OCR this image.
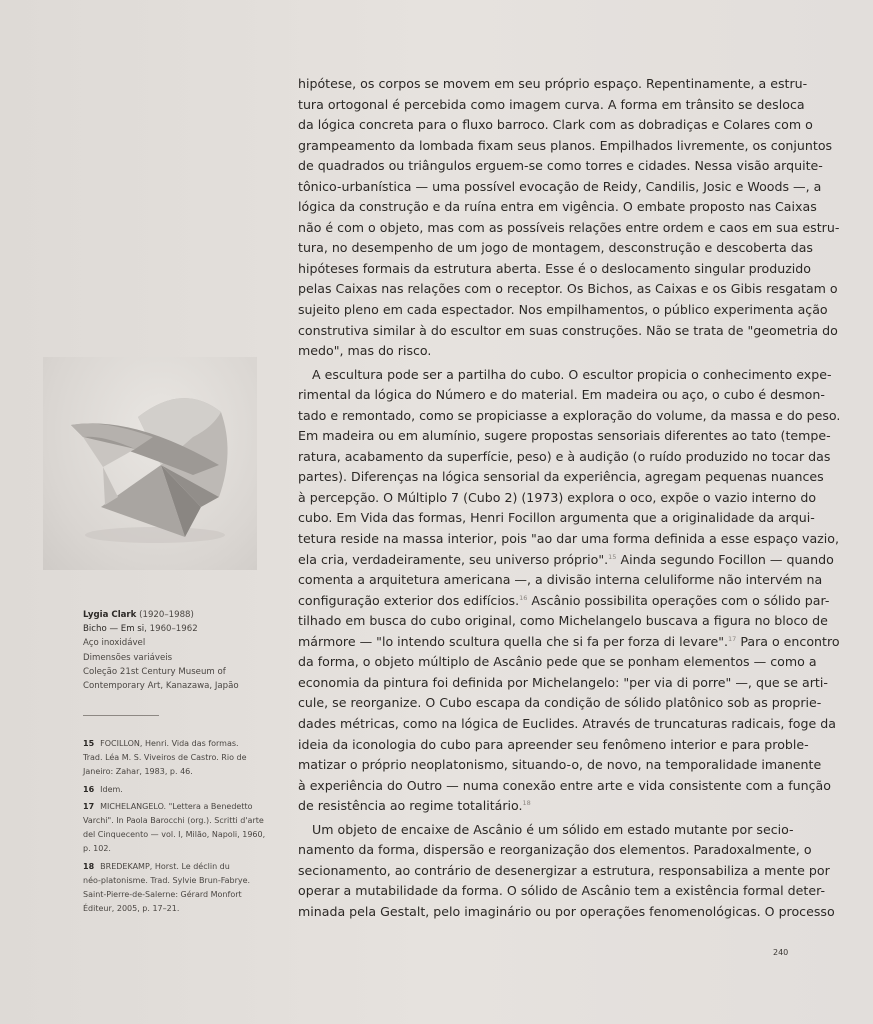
Lygia Clark (1920–1988)
Bicho — Em si, 1960–1962
Aço inoxidável
Dimensões variáveis
Coleção 21st Century Museum of
Contemporary Art, Kanazawa, Japão
15 FOCILLON, Henri. Vida das formas.
Trad. Léa M. S. Viveiros de Castro. Rio de
Janeiro: Zahar, 1983, p. 46.
16 Idem.
17 MICHELANGELO. "Lettera a Benedetto
Varchi". In Paola Barocchi (org.). Scritti d'arte
del Cinquecento — vol. I, Milão, Napoli, 1960,
p. 102.
18 BREDEKAMP, Horst. Le déclin du
néo-platonisme. Trad. Sylvie Brun-Fabrye.
Saint-Pierre-de-Salerne: Gérard Monfort
Éditeur, 2005, p. 17–21.

hipótese, os corpos se movem em seu próprio espaço. Repentinamente, a estru-
tura ortogonal é percebida como imagem curva. A forma em trânsito se desloca
da lógica concreta para o fluxo barroco. Clark com as dobradiças e Colares com o
grampeamento da lombada fixam seus planos. Empilhados livremente, os conjuntos
de quadrados ou triângulos erguem-se como torres e cidades. Nessa visão arquite-
tônico-urbanística — uma possível evocação de Reidy, Candilis, Josic e Woods —, a
lógica da construção e da ruína entra em vigência. O embate proposto nas Caixas
não é com o objeto, mas com as possíveis relações entre ordem e caos em sua estru-
tura, no desempenho de um jogo de montagem, desconstrução e descoberta das
hipóteses formais da estrutura aberta. Esse é o deslocamento singular produzido
pelas Caixas nas relações com o receptor. Os Bichos, as Caixas e os Gibis resgatam o
sujeito pleno em cada espectador. Nos empilhamentos, o público experimenta ação
construtiva similar à do escultor em suas construções. Não se trata de "geometria do
medo", mas do risco.

A escultura pode ser a partilha do cubo. O escultor propicia o conhecimento expe-
rimental da lógica do Número e do material. Em madeira ou aço, o cubo é desmon-
tado e remontado, como se propiciasse a exploração do volume, da massa e do peso.
Em madeira ou em alumínio, sugere propostas sensoriais diferentes ao tato (tempe-
ratura, acabamento da superfície, peso) e à audição (o ruído produzido no tocar das
partes). Diferenças na lógica sensorial da experiência, agregam pequenas nuances
à percepção. O Múltiplo 7 (Cubo 2) (1973) explora o oco, expõe o vazio interno do
cubo. Em Vida das formas, Henri Focillon argumenta que a originalidade da arqui-
tetura reside na massa interior, pois "ao dar uma forma definida a esse espaço vazio,
ela cria, verdadeiramente, seu universo próprio".$^{15}$ Ainda segundo Focillon — quando
comenta a arquitetura americana —, a divisão interna celuliforme não intervém na
configuração exterior dos edifícios.$^{16}$ Ascânio possibilita operações com o sólido par-
tilhado em busca do cubo original, como Michelangelo buscava a figura no bloco de
mármore — "lo intendo scultura quella che si fa per forza di levare".$^{17}$ Para o encontro
da forma, o objeto múltiplo de Ascânio pede que se ponham elementos — como a
economia da pintura foi definida por Michelangelo: "per via di porre" —, que se arti-
cule, se reorganize. O Cubo escapa da condição de sólido platônico sob as proprie-
dades métricas, como na lógica de Euclides. Através de truncaturas radicais, foge da
ideia da iconologia do cubo para apreender seu fenômeno interior e para proble-
matizar o próprio neoplatonismo, situando-o, de novo, na temporalidade imanente
à experiência do Outro — numa conexão entre arte e vida consistente com a função
de resistência ao regime totalitário.$^{18}$

Um objeto de encaixe de Ascânio é um sólido em estado mutante por secio-
namento da forma, dispersão e reorganização dos elementos. Paradoxalmente, o
secionamento, ao contrário de desenergizar a estrutura, responsabiliza a mente por
operar a mutabilidade da forma. O sólido de Ascânio tem a existência formal deter-
minada pela Gestalt, pelo imaginário ou por operações fenomenológicas. O processo

240
